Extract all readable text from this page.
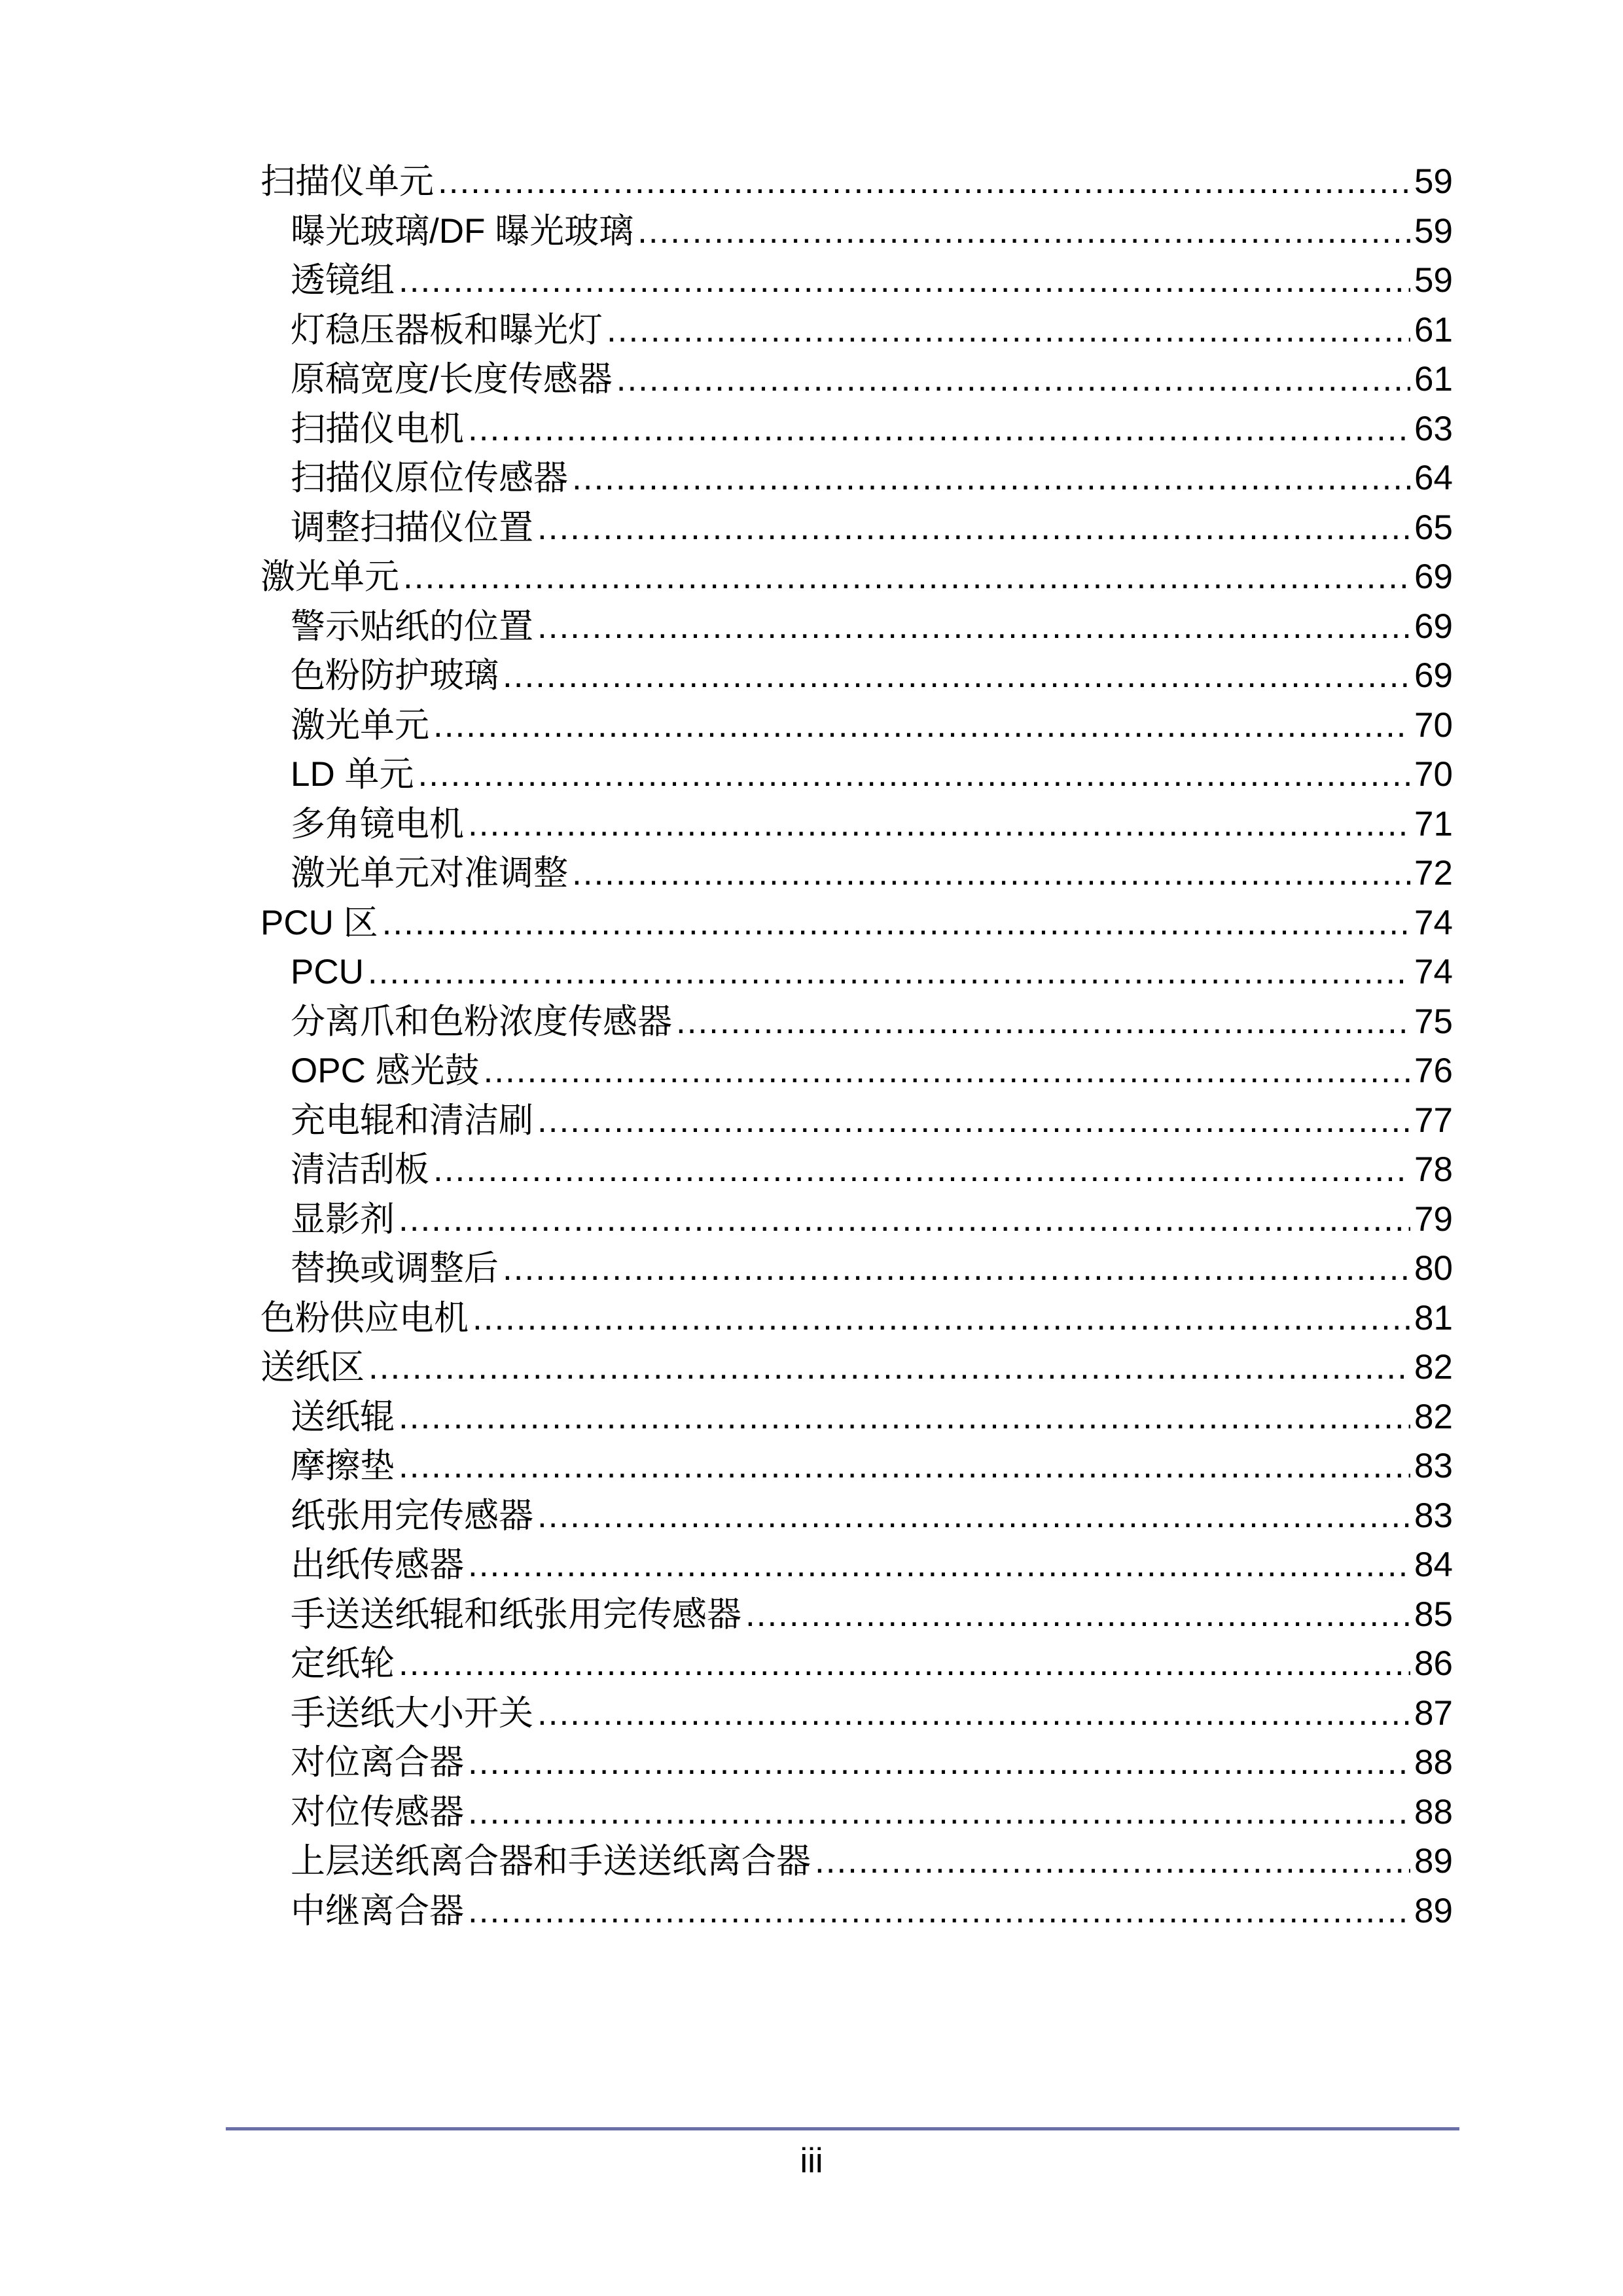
扫描仪单元 .....	59
曝光玻璃/DF 曝光玻璃 .....	59
透镜组 .....	59
灯稳压器板和曝光灯 .....	61
原稿宽度/长度传感器 .....	61
扫描仪电机 .....	63
扫描仪原位传感器 .....	64
调整扫描仪位置 .....	65
激光单元 .....	69
警示贴纸的位置 .....	69
色粉防护玻璃 .....	69
激光单元 .....	70
LD 单元 .....	70
多角镜电机 .....	71
激光单元对准调整 .....	72
PCU 区 .....	74
PCU .....	74
分离爪和色粉浓度传感器 .....	75
OPC 感光鼓 .....	76
充电辊和清洁刷 .....	77
清洁刮板 .....	78
显影剂 .....	79
替换或调整后 .....	80
色粉供应电机 .....	81
送纸区 .....	82
送纸辊 .....	82
摩擦垫 .....	83
纸张用完传感器 .....	83
出纸传感器 .....	84
手送送纸辊和纸张用完传感器 .....	85
定纸轮 .....	86
手送纸大小开关 .....	87
对位离合器 .....	88
对位传感器 .....	88
上层送纸离合器和手送送纸离合器 .....	89
中继离合器 .....	89
iii
